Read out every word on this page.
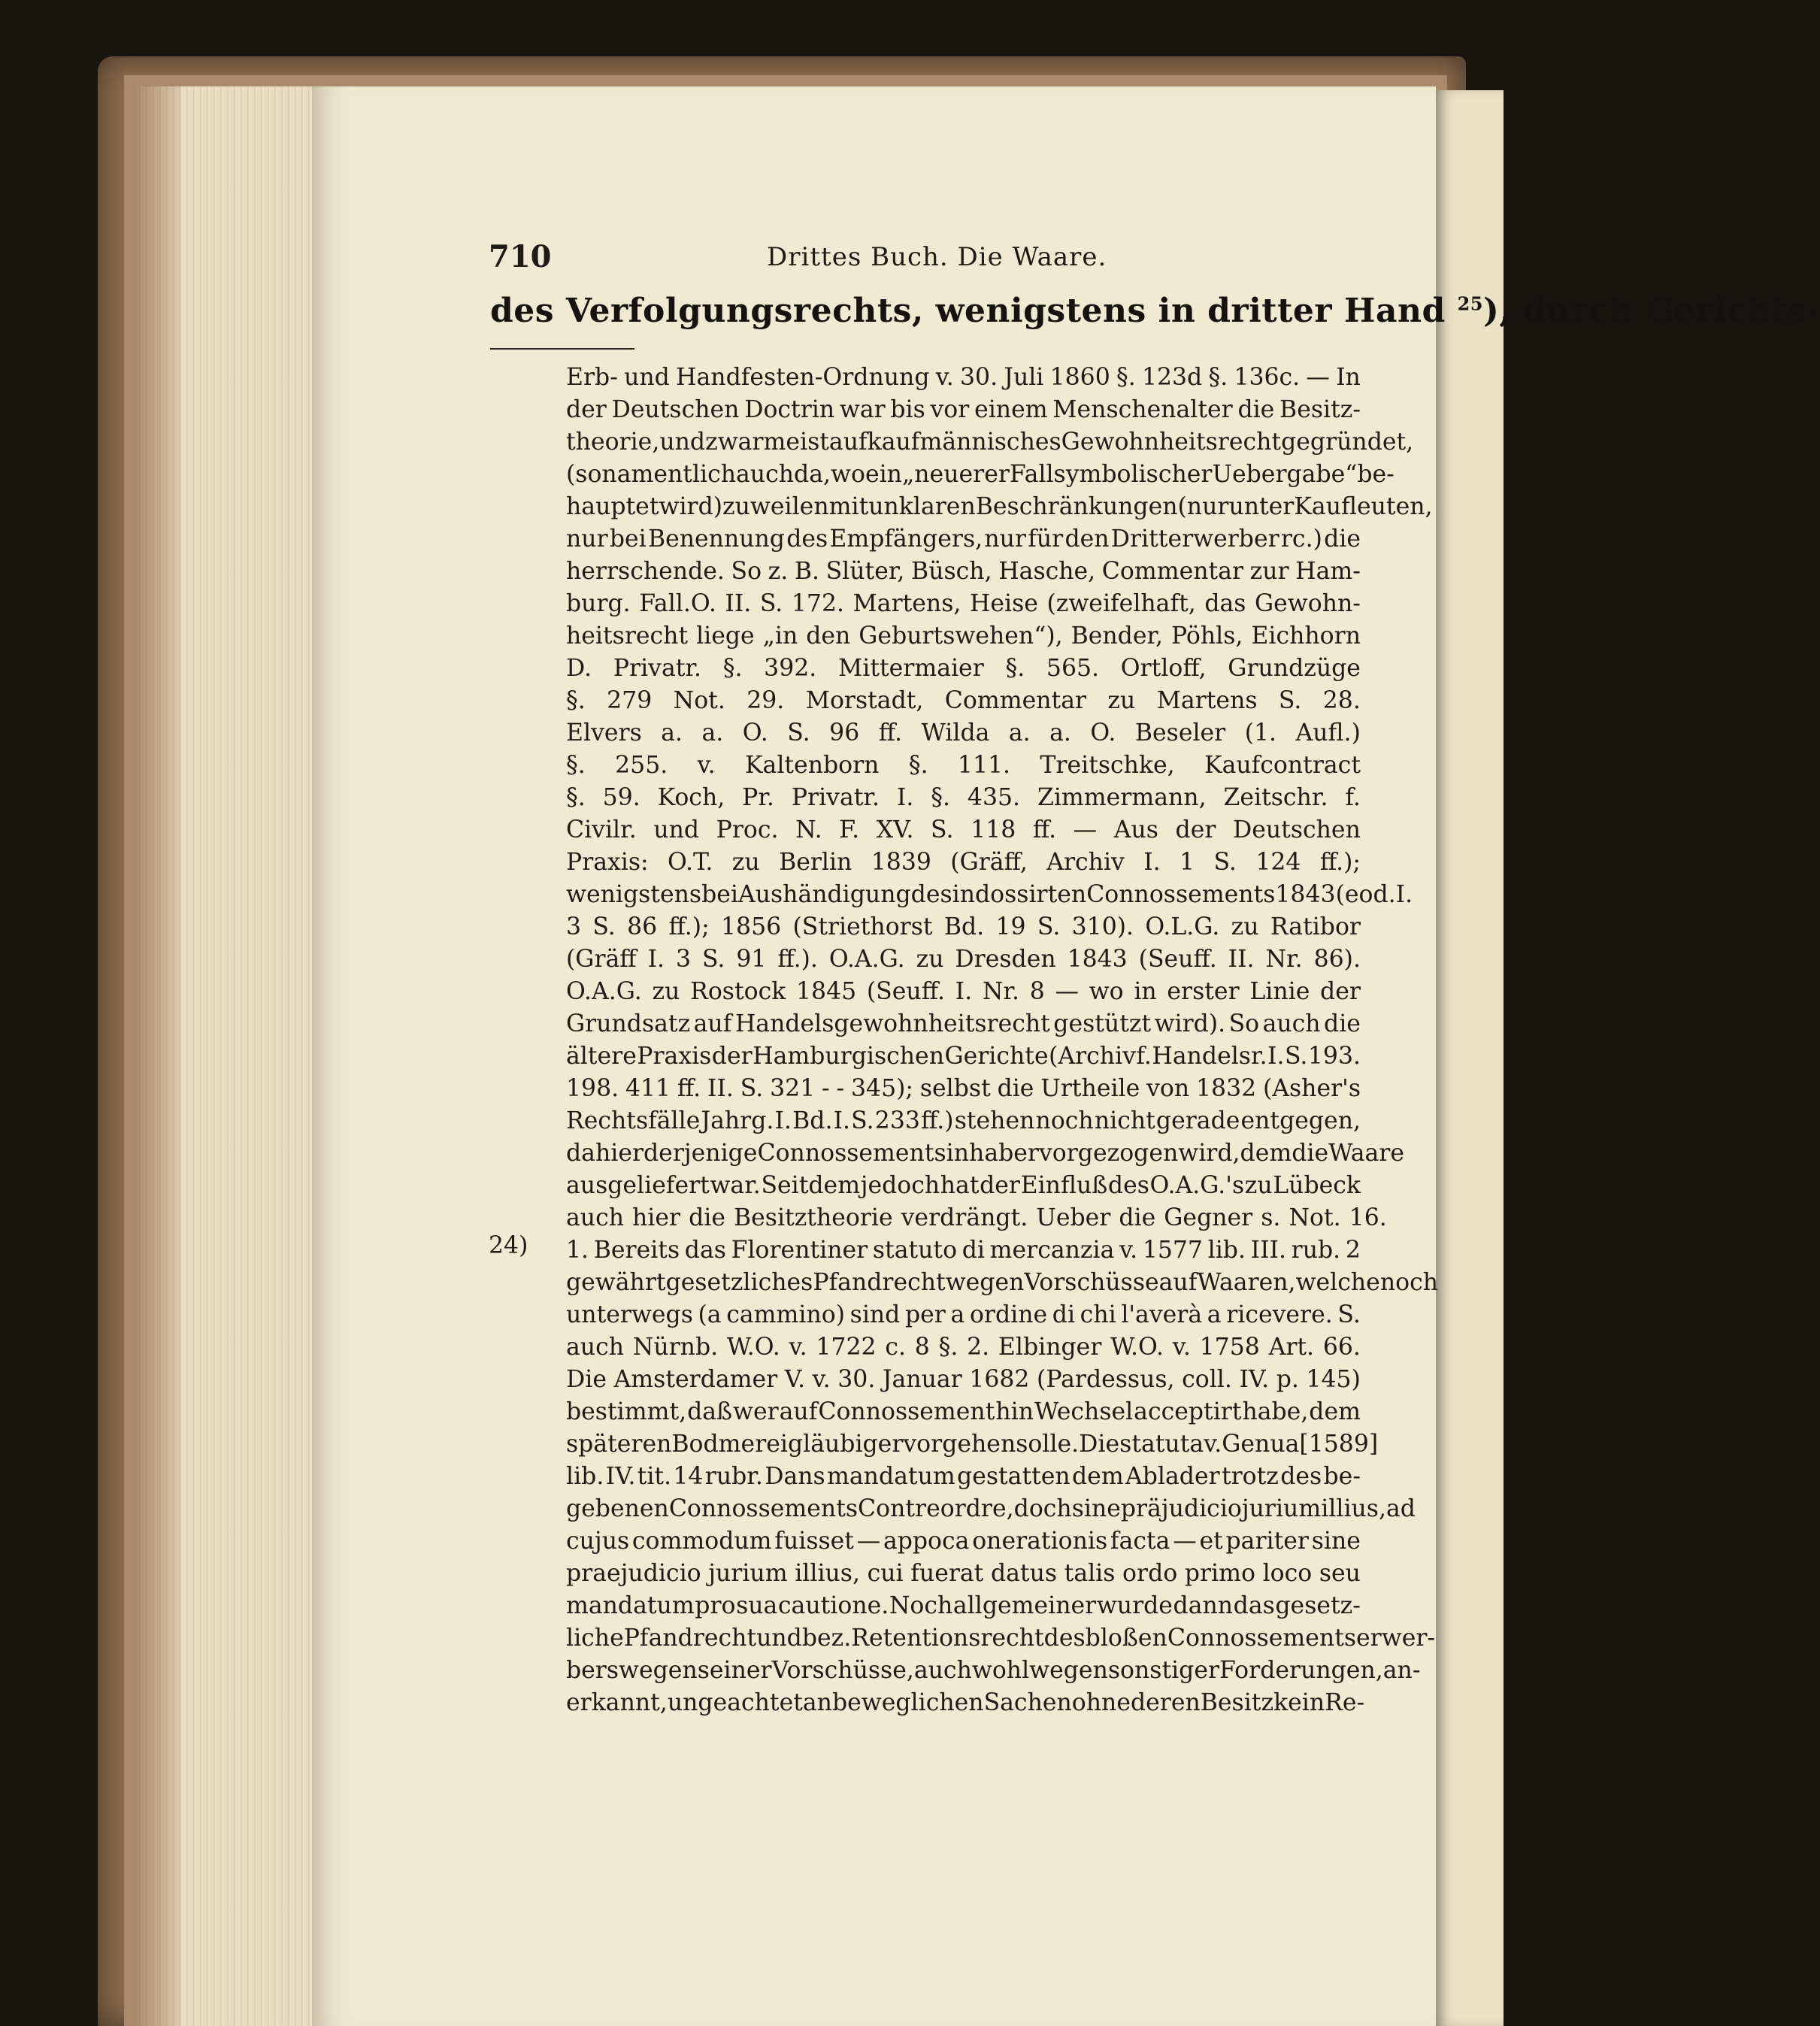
710	Drittes Buch. Die Waare.
des Verfolgungsrechts, wenigstens in dritter Hand $^{25}$), durch Gerichts-
24)
Erb- und Handfesten-Ordnung v. 30. Juli 1860 §. 123d §. 136c. — In
der Deutschen Doctrin war bis vor einem Menschenalter die Besitz-
theorie, und zwar meist auf kaufmännisches Gewohnheitsrecht gegründet,
(so namentlich auch da, wo ein „neuerer Fall symbolischer Uebergabe“ be-
hauptet wird) zuweilen mit unklaren Beschränkungen (nur unter Kaufleuten,
nur bei Benennung des Empfängers, nur für den Dritterwerber rc.) die
herrschende. So z. B. Slüter, Büsch, Hasche, Commentar zur Ham-
burg. Fall.O. II. S. 172. Martens, Heise (zweifelhaft, das Gewohn-
heitsrecht liege „in den Geburtswehen“), Bender, Pöhls, Eichhorn
D. Privatr. §. 392. Mittermaier §. 565. Ortloff, Grundzüge
§. 279 Not. 29. Morstadt, Commentar zu Martens S. 28.
Elvers a. a. O. S. 96 ff. Wilda a. a. O. Beseler (1. Aufl.)
§. 255. v. Kaltenborn §. 111. Treitschke, Kaufcontract
§. 59. Koch, Pr. Privatr. I. §. 435. Zimmermann, Zeitschr. f.
Civilr. und Proc. N. F. XV. S. 118 ff. — Aus der Deutschen
Praxis: O.T. zu Berlin 1839 (Gräff, Archiv I. 1 S. 124 ff.);
wenigstens bei Aushändigung des indossirten Connossements 1843 (eod. I.
3 S. 86 ff.); 1856 (Striethorst Bd. 19 S. 310). O.L.G. zu Ratibor
(Gräff I. 3 S. 91 ff.). O.A.G. zu Dresden 1843 (Seuff. II. Nr. 86).
O.A.G. zu Rostock 1845 (Seuff. I. Nr. 8 — wo in erster Linie der
Grundsatz auf Handelsgewohnheitsrecht gestützt wird). So auch die
ältere Praxis der Hamburgischen Gerichte (Archiv f. Handelsr. I. S. 193.
198. 411 ff. II. S. 321 - - 345); selbst die Urtheile von 1832 (Asher's
Rechtsfälle Jahrg. I. Bd. I. S. 233 ff.) stehen noch nicht gerade entgegen,
da hier derjenige Connossementsinhaber vorgezogen wird, dem die Waare
ausgeliefert war. Seitdem jedoch hat der Einfluß des O.A.G.'s zu Lübeck
auch hier die Besitztheorie verdrängt. Ueber die Gegner s. Not. 16.
1. Bereits das Florentiner statuto di mercanzia v. 1577 lib. III. rub. 2
gewährt gesetzliches Pfandrecht wegen Vorschüsse auf Waaren, welche noch
unterwegs (a cammino) sind per a ordine di chi l'averà a ricevere. S.
auch Nürnb. W.O. v. 1722 c. 8 §. 2. Elbinger W.O. v. 1758 Art. 66.
Die Amsterdamer V. v. 30. Januar 1682 (Pardessus, coll. IV. p. 145)
bestimmt, daß wer auf Connossement hin Wechsel acceptirt habe, dem
späteren Bodmereigläubiger vorgehen solle. Die statuta v. Genua [1589]
lib. IV. tit. 14 rubr. Dans mandatum gestatten dem Ablader trotz des be-
gebenen Connossements Contreordre, doch sine präjudicio jurium illius, ad
cujus commodum fuisset — appoca onerationis facta — et pariter sine
praejudicio jurium illius, cui fuerat datus talis ordo primo loco seu
mandatum pro sua cautione. Noch allgemeiner wurde dann das gesetz-
liche Pfandrecht und bez. Retentionsrecht des bloßen Connossementserwer-
bers wegen seiner Vorschüsse, auch wohl wegen sonstiger Forderungen, an-
erkannt, ungeachtet an beweglichen Sachen ohne deren Besitz kein Re-
